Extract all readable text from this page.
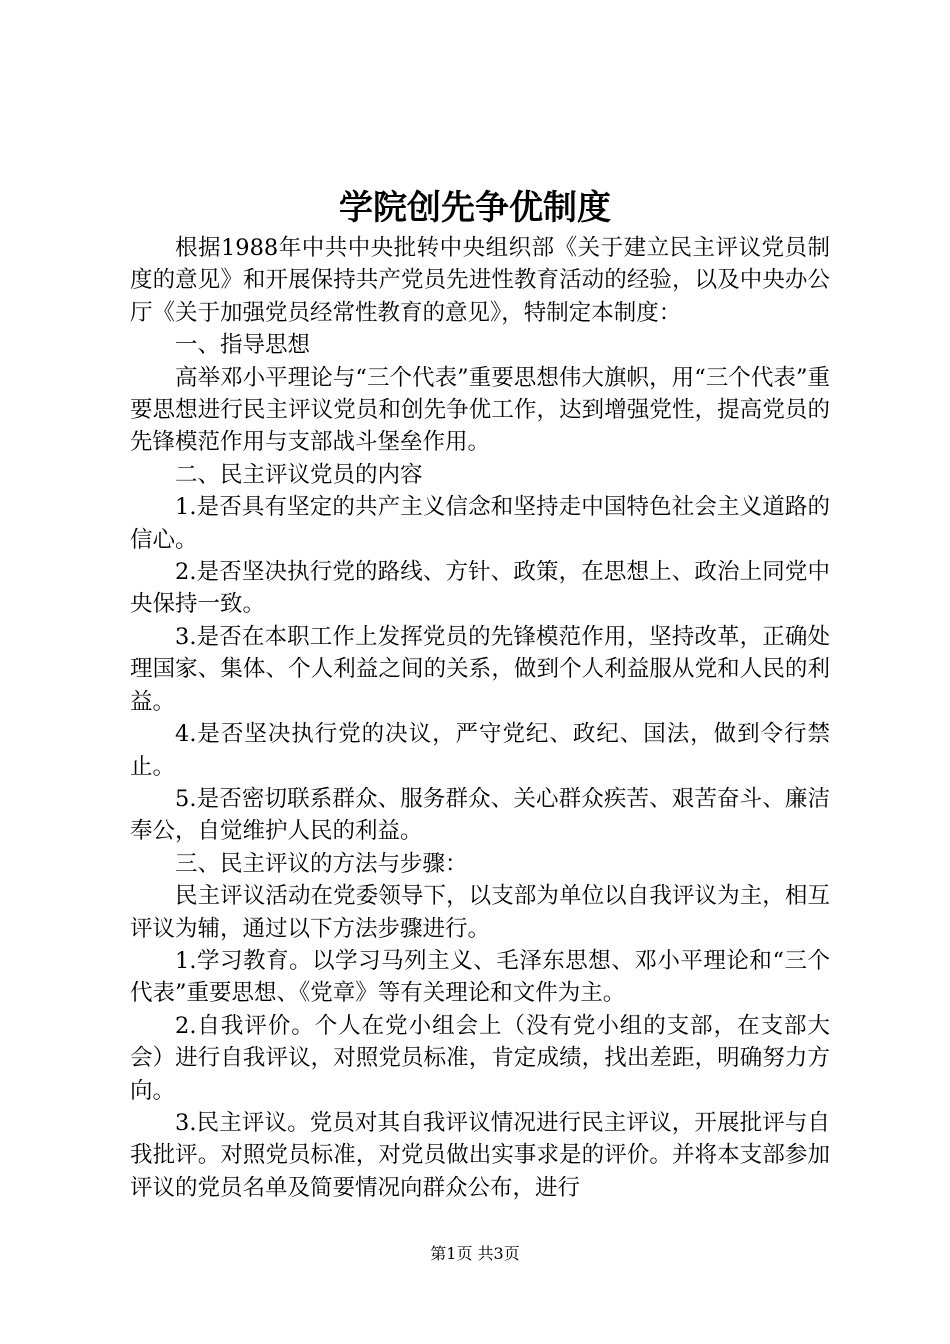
学院创先争优制度

根据1988年中共中央批转中央组织部《关于建立民主评议党员制度的意见》和开展保持共产党员先进性教育活动的经验，以及中央办公厅《关于加强党员经常性教育的意见》，特制定本制度：

一、指导思想

高举邓小平理论与“三个代表”重要思想伟大旗帜，用“三个代表”重要思想进行民主评议党员和创先争优工作，达到增强党性，提高党员的先锋模范作用与支部战斗堡垒作用。

二、民主评议党员的内容

1.是否具有坚定的共产主义信念和坚持走中国特色社会主义道路的信心。

2.是否坚决执行党的路线、方针、政策，在思想上、政治上同党中央保持一致。

3.是否在本职工作上发挥党员的先锋模范作用，坚持改革，正确处理国家、集体、个人利益之间的关系，做到个人利益服从党和人民的利益。

4.是否坚决执行党的决议，严守党纪、政纪、国法，做到令行禁止。

5.是否密切联系群众、服务群众、关心群众疾苦、艰苦奋斗、廉洁奉公，自觉维护人民的利益。

三、民主评议的方法与步骤：

民主评议活动在党委领导下，以支部为单位以自我评议为主，相互评议为辅，通过以下方法步骤进行。

1.学习教育。以学习马列主义、毛泽东思想、邓小平理论和“三个代表”重要思想、《党章》等有关理论和文件为主。

2.自我评价。个人在党小组会上（没有党小组的支部，在支部大会）进行自我评议，对照党员标准，肯定成绩，找出差距，明确努力方向。

3.民主评议。党员对其自我评议情况进行民主评议，开展批评与自我批评。对照党员标准，对党员做出实事求是的评价。并将本支部参加评议的党员名单及简要情况向群众公布，进行

第1页 共3页
